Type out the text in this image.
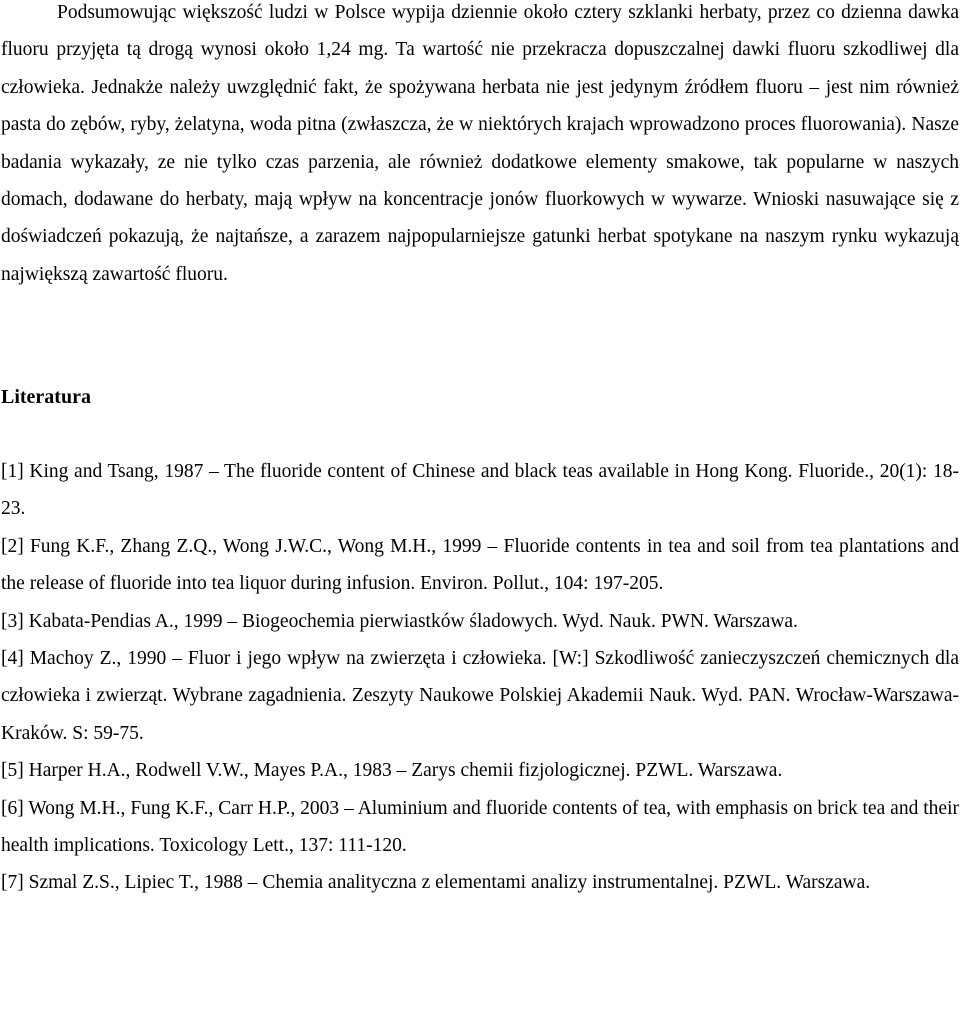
Podsumowując większość ludzi w Polsce wypija dziennie około cztery szklanki herbaty, przez co dzienna dawka fluoru przyjęta tą drogą wynosi około 1,24 mg. Ta wartość nie przekracza dopuszczalnej dawki fluoru szkodliwej dla człowieka. Jednakże należy uwzględnić fakt, że spożywana herbata nie jest jedynym źródłem fluoru – jest nim również pasta do zębów, ryby, żelatyna, woda pitna (zwłaszcza, że w niektórych krajach wprowadzono proces fluorowania). Nasze badania wykazały, ze nie tylko czas parzenia, ale również dodatkowe elementy smakowe, tak popularne w naszych domach, dodawane do herbaty, mają wpływ na koncentracje jonów fluorkowych w wywarze. Wnioski nasuwające się z doświadczeń pokazują, że najtańsze, a zarazem najpopularniejsze gatunki herbat spotykane na naszym rynku wykazują największą zawartość fluoru.

Literatura
[1] King and Tsang, 1987 – The fluoride content of Chinese and black teas available in Hong Kong. Fluoride., 20(1): 18-23.
[2] Fung K.F., Zhang Z.Q., Wong J.W.C., Wong M.H., 1999 – Fluoride contents in tea and soil from tea plantations and the release of fluoride into tea liquor during infusion. Environ. Pollut., 104: 197-205.
[3] Kabata-Pendias A., 1999 – Biogeochemia pierwiastków śladowych. Wyd. Nauk. PWN. Warszawa.
[4] Machoy Z., 1990 – Fluor i jego wpływ na zwierzęta i człowieka. [W:] Szkodliwość zanieczyszczeń chemicznych dla człowieka i zwierząt. Wybrane zagadnienia. Zeszyty Naukowe Polskiej Akademii Nauk. Wyd. PAN. Wrocław-Warszawa-Kraków. S: 59-75.
[5] Harper H.A., Rodwell V.W., Mayes P.A., 1983 – Zarys chemii fizjologicznej. PZWL. Warszawa.
[6] Wong M.H., Fung K.F., Carr H.P., 2003 – Aluminium and fluoride contents of tea, with emphasis on brick tea and their health implications. Toxicology Lett., 137: 111-120.
[7] Szmal Z.S., Lipiec T., 1988 – Chemia analityczna z elementami analizy instrumentalnej. PZWL. Warszawa.
